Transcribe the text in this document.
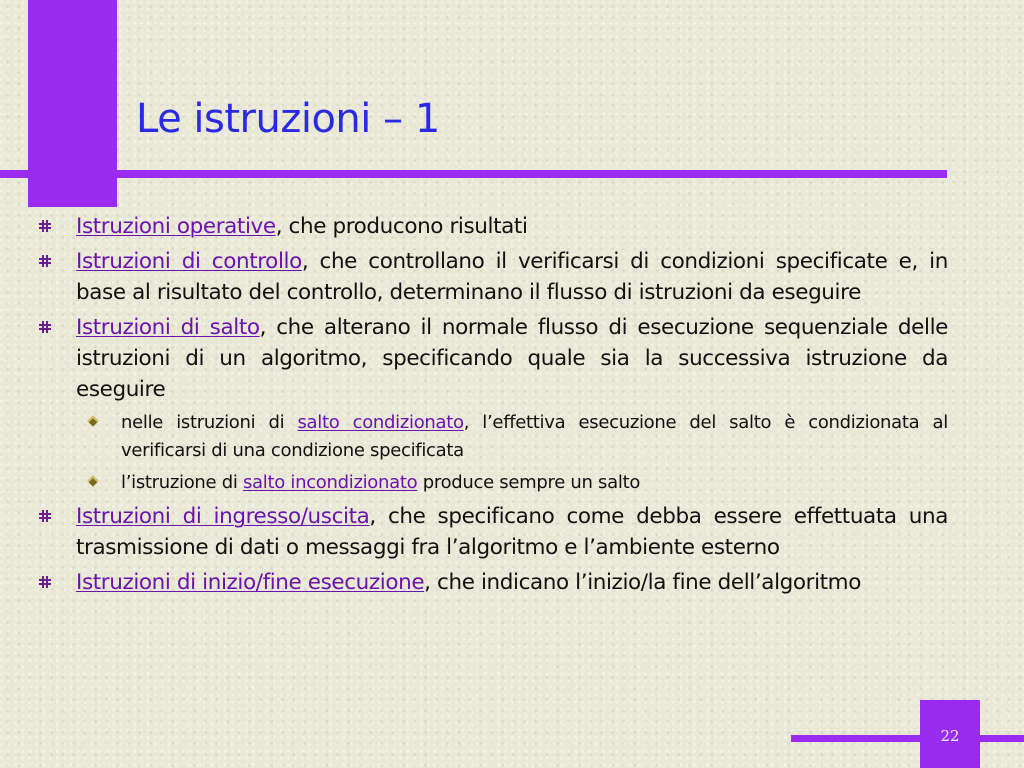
Le istruzioni – 1
Istruzioni operative, che producono risultati
Istruzioni di controllo, che controllano il verificarsi di condizioni specificate e, in base al risultato del controllo, determinano il flusso di istruzioni da eseguire
Istruzioni di salto, che alterano il normale flusso di esecuzione sequenziale delle istruzioni di un algoritmo, specificando quale sia la successiva istruzione da eseguire
nelle istruzioni di salto condizionato, l’effettiva esecuzione del salto è condizionata al verificarsi di una condizione specificata
l’istruzione di salto incondizionato produce sempre un salto
Istruzioni di ingresso/uscita, che specificano come debba essere effettuata una trasmissione di dati o messaggi fra l’algoritmo e l’ambiente esterno
Istruzioni di inizio/fine esecuzione, che indicano l’inizio/la fine dell’algoritmo
22
